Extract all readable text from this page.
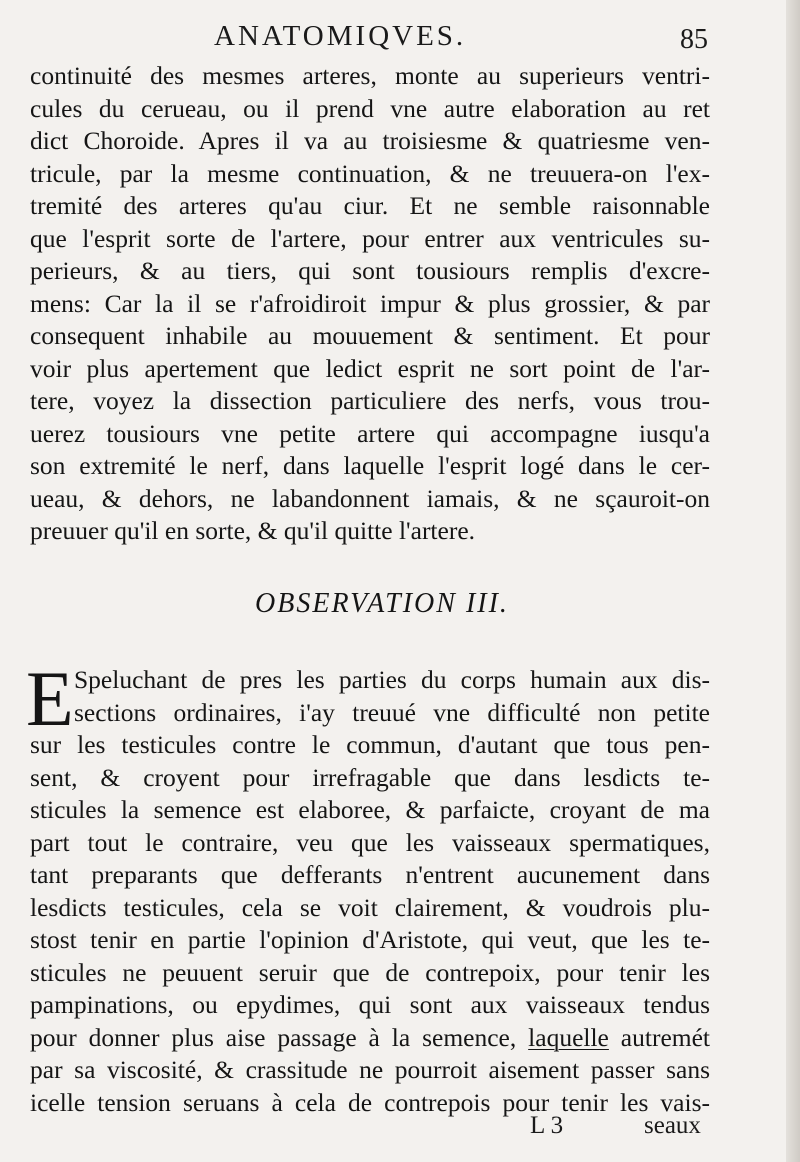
ANATOMIQVES.	85
continuité des mesmes arteres, monte au superieurs ventri-
cules du cerueau, ou il prend vne autre elaboration au ret
dict Choroide. Apres il va au troisiesme & quatriesme ven-
tricule, par la mesme continuation, & ne treuuera-on l'ex-
tremité des arteres qu'au ciur. Et ne semble raisonnable
que l'esprit sorte de l'artere, pour entrer aux ventricules su-
perieurs, & au tiers, qui sont tousiours remplis d'excre-
mens: Car la il se r'afroidiroit impur & plus grossier, & par
consequent inhabile au mouuement & sentiment. Et pour
voir plus apertement que ledict esprit ne sort point de l'ar-
tere, voyez la dissection particuliere des nerfs, vous trou-
uerez tousiours vne petite artere qui accompagne iusqu'a
son extremité le nerf, dans laquelle l'esprit logé dans le cer-
ueau, & dehors, ne labandonnent iamais, & ne sçauroit-on
preuuer qu'il en sorte, & qu'il quitte l'artere.
OBSERVATION III.
E Speluchant de pres les parties du corps humain aux dis-
sections ordinaires, i'ay treuué vne difficulté non petite
sur les testicules contre le commun, d'autant que tous pen-
sent, & croyent pour irrefragable que dans lesdicts te-
sticules la semence est elaboree, & parfaicte, croyant de ma
part tout le contraire, veu que les vaisseaux spermatiques,
tant preparants que defferants n'entrent aucunement dans
lesdicts testicules, cela se voit clairement, & voudrois plu-
stost tenir en partie l'opinion d'Aristote, qui veut, que les te-
sticules ne peuuent seruir que de contrepoix, pour tenir les
pampinations, ou epydimes, qui sont aux vaisseaux tendus
pour donner plus aise passage à la semence, laquelle autremét
par sa viscosité, & crassitude ne pourroit aisement passer sans
icelle tension seruans à cela de contrepois pour tenir les vais-
L 3	seaux
